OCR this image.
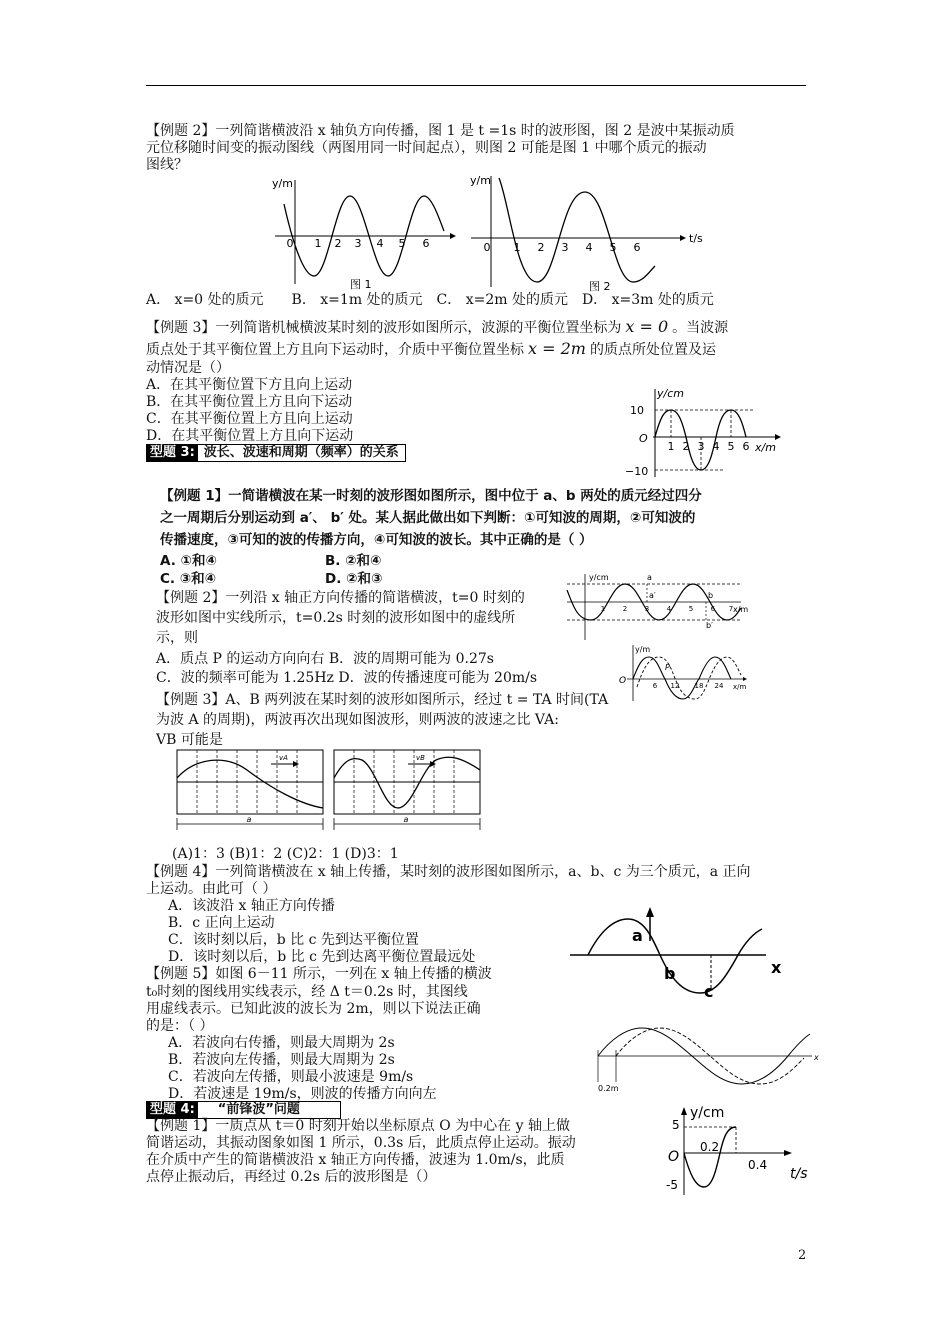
【例题 2】一列简谐横波沿 x 轴负方向传播，图 1 是 t =1s 时的波形图，图 2 是波中某振动质
元位移随时间变的振动图线（两图用同一时间起点），则图 2 可能是图 1 中哪个质元的振动
图线？
y/m
0 1 2 3 4 5 6
图 1
y/m
t/s
0 1 2 3 4 5 6
图 2
A． x=0 处的质元　　B． x=1m 处的质元　C． x=2m 处的质元　D． x=3m 处的质元
【例题 3】一列简谐机械横波某时刻的波形如图所示，波源的平衡位置坐标为 x = 0 。当波源
质点处于其平衡位置上方且向下运动时，介质中平衡位置坐标 x = 2m 的质点所处位置及运
动情况是（）
A．在其平衡位置下方且向上运动
B．在其平衡位置上方且向下运动
C．在其平衡位置上方且向上运动
D．在其平衡位置上方且向下运动
y/cm
10
−10
O
x/m
1 2 3 4 5 6
型题 3: 波长、波速和周期（频率）的关系
【例题 1】一简谐横波在某一时刻的波形图如图所示，图中位于 a、b 两处的质元经过四分
之一周期后分别运动到 a′、 b′ 处。某人据此做出如下判断：①可知波的周期，②可知波的
传播速度，③可知的波的传播方向，④可知波的波长。其中正确的是（ ）
A. ①和④	B. ②和④
C. ③和④	D. ②和③	y/cm
x/m
a
a′	b
b′
1	2	3	4	5	6 7
【例题 2】一列沿 x 轴正方向传播的简谐横波，t=0 时刻的
波形如图中实线所示，t=0.2s 时刻的波形如图中的虚线所
示，则
A．质点 P 的运动方向向右 B．波的周期可能为 0.27s
C．波的频率可能为 1.25Hz D．波的传播速度可能为 20m/s
y/m
x/m
O
P
6 12 18 24
【例题 3】A、B 两列波在某时刻的波形如图所示，经过 t = TA 时间(TA
为波 A 的周期)，两波再次出现如图波形，则两波的波速之比 VA:
VB 可能是
vA
a
vB
a
(A)1：3 (B)1：2 (C)2：1 (D)3：1
【例题 4】一列简谐横波在 x 轴上传播，某时刻的波形图如图所示，a、b、c 为三个质元，a 正向
上运动。由此可（ ）
A．该波沿 x 轴正方向传播
B．c 正向上运动
C．该时刻以后，b 比 c 先到达平衡位置
D．该时刻以后，b 比 c 先到达离平衡位置最远处
x
a
b
c
【例题 5】如图 6－11 所示，一列在 x 轴上传播的横波
t₀时刻的图线用实线表示，经 Δ t＝0.2s 时，其图线
用虚线表示。已知此波的波长为 2m，则以下说法正确
的是：（ ）
A．若波向右传播，则最大周期为 2s
B．若波向左传播，则最大周期为 2s
C．若波向左传播，则最小波速是 9m/s
D．若波速是 19m/s，则波的传播方向向左
x
0.2m
型题 4: “前锋波”问题
【例题 1】一质点从 t＝0 时刻开始以坐标原点 O 为中心在 y 轴上做
简谐运动，其振动图象如图 1 所示，0.3s 后，此质点停止运动。振动
在介质中产生的简谐横波沿 x 轴正方向传播，波速为 1.0m/s，此质
点停止振动后，再经过 0.2s 后的波形图是（）
y/cm
t/s
O
5
-5
0.2
0.4
2
